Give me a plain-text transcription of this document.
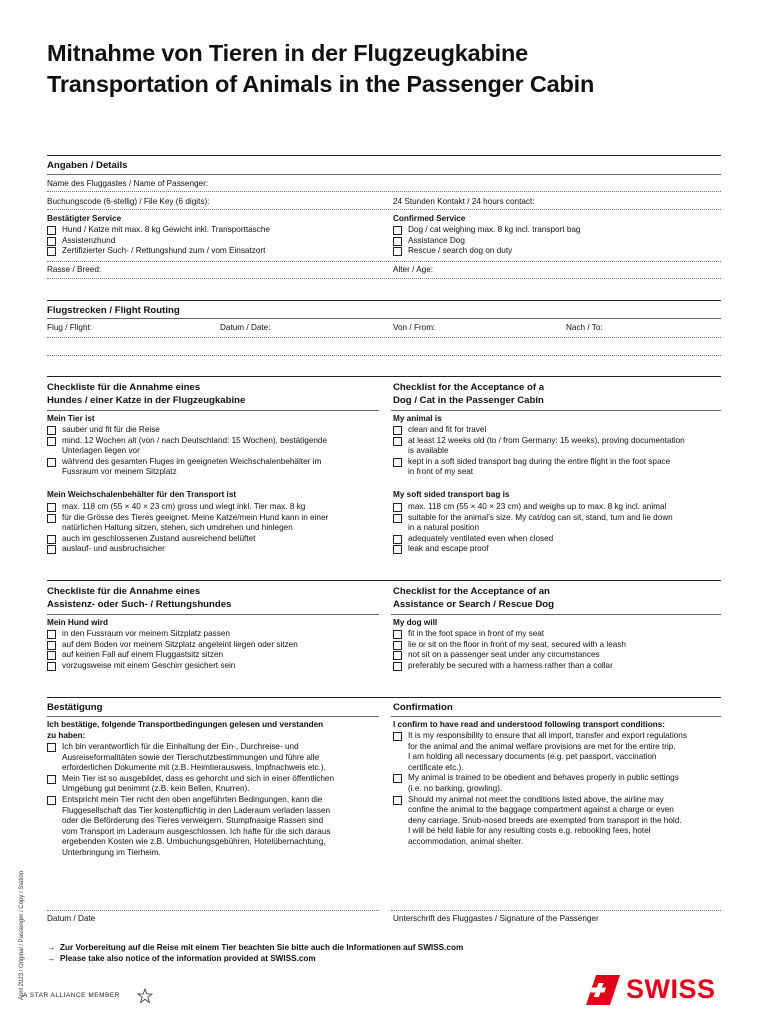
Mitnahme von Tieren in der Flugzeugkabine
Transportation of Animals in the Passenger Cabin
Angaben / Details
Name des Fluggastes / Name of Passenger:
Buchungscode (6-stellig) / File Key (6 digits):	24 Stunden Kontakt / 24 hours contact:
Bestätigter Service
Hund / Katze mit max. 8 kg Gewicht inkl. Transporttasche
Assistenzhund
Zertifizierter Such- / Rettungshund zum / vom Einsatzort
Confirmed Service
Dog / cat weighing max. 8 kg incl. transport bag
Assistance Dog
Rescue / search dog on duty
Rasse / Breed:	Alter / Age:
Flugstrecken / Flight Routing
Flug / Flight:	Datum / Date:	Von / From:	Nach / To:
Checkliste für die Annahme eines
Hundes / einer Katze in der Flugzeugkabine
Checklist for the Acceptance of a
Dog / Cat in the Passenger Cabin
Mein Tier ist
sauber und fit für die Reise
mind. 12 Wochen alt (von / nach Deutschland: 15 Wochen), bestätigende
Unterlagen liegen vor
während des gesamten Fluges im geeigneten Weichschalenbehälter im
Fussraum vor meinem Sitzplatz
My animal is
clean and fit for travel
at least 12 weeks old (to / from Germany: 15 weeks), proving documentation
is available
kept in a soft sided transport bag during the entire flight in the foot space
in front of my seat
Mein Weichschalenbehälter für den Transport ist
max. 118 cm (55 × 40 × 23 cm) gross und wiegt inkl. Tier max. 8 kg
für die Grösse des Tieres geeignet. Meine Katze/mein Hund kann in einer
natürlichen Haltung sitzen, stehen, sich umdrehen und hinlegen
auch im geschlossenen Zustand ausreichend belüftet
auslauf- und ausbruchsicher
My soft sided transport bag is
max. 118 cm (55 × 40 × 23 cm) and weighs up to max. 8 kg incl. animal
suitable for the animal’s size. My cat/dog can sit, stand, turn and lie down
in a natural position
adequately ventilated even when closed
leak and escape proof
Checkliste für die Annahme eines
Assistenz- oder Such- / Rettungshundes
Checklist for the Acceptance of an
Assistance or Search / Rescue Dog
Mein Hund wird
in den Fussraum vor meinem Sitzplatz passen
auf dem Boden vor meinem Sitzplatz angeleint liegen oder sitzen
auf keinen Fall auf einem Fluggastsitz sitzen
vorzugsweise mit einem Geschirr gesichert sein
My dog will
fit in the foot space in front of my seat
lie or sit on the floor in front of my seat, secured with a leash
not sit on a passenger seat under any circumstances
preferably be secured with a harness rather than a collar
Bestätigung	Confirmation
Ich bestätige, folgende Transportbedingungen gelesen und verstanden
zu haben:
Ich bin verantwortlich für die Einhaltung der Ein-, Durchreise- und
Ausreiseformalitäten sowie der Tierschutzbestimmungen und führe alle
erforderlichen Dokumente mit (z.B. Heimtierausweis, Impfnachweis etc.).
Mein Tier ist so ausgebildet, dass es gehorcht und sich in einer öffentlichen
Umgebung gut benimmt (z.B. kein Bellen, Knurren).
Entspricht mein Tier nicht den oben angeführten Bedingungen, kann die
Fluggesellschaft das Tier kostenpflichtig in den Laderaum verladen lassen
oder die Beförderung des Tieres verweigern. Stumpfnasige Rassen sind
vom Transport im Laderaum ausgeschlossen. Ich hafte für die sich daraus
ergebenden Kosten wie z.B. Umbuchungsgebühren, Hotelübernachtung,
Unterbringung im Tierheim.
I confirm to have read and understood following transport conditions:
It is my responsibility to ensure that all import, transfer and export regulations
for the animal and the animal welfare provisions are met for the entire trip.
I am holding all necessary documents (e.g. pet passport, vaccination
certificate etc.).
My animal is trained to be obedient and behaves properly in public settings
(i.e. no barking, growling).
Should my animal not meet the conditions listed above, the airline may
confine the animal to the baggage compartment against a charge or even
deny carriage. Snub-nosed breeds are exempted from transport in the hold.
I will be held liable for any resulting costs e.g. rebooking fees, hotel
accommodation, animal shelter.
Datum / Date	Unterschrift des Fluggastes / Signature of the Passenger
→ Zur Vorbereitung auf die Reise mit einem Tier beachten Sie bitte auch die Informationen auf SWISS.com
→ Please take also notice of the information provided at SWISS.com
April 2023 / Original / Passenger / Copy / Station
A STAR ALLIANCE MEMBER	SWISS
